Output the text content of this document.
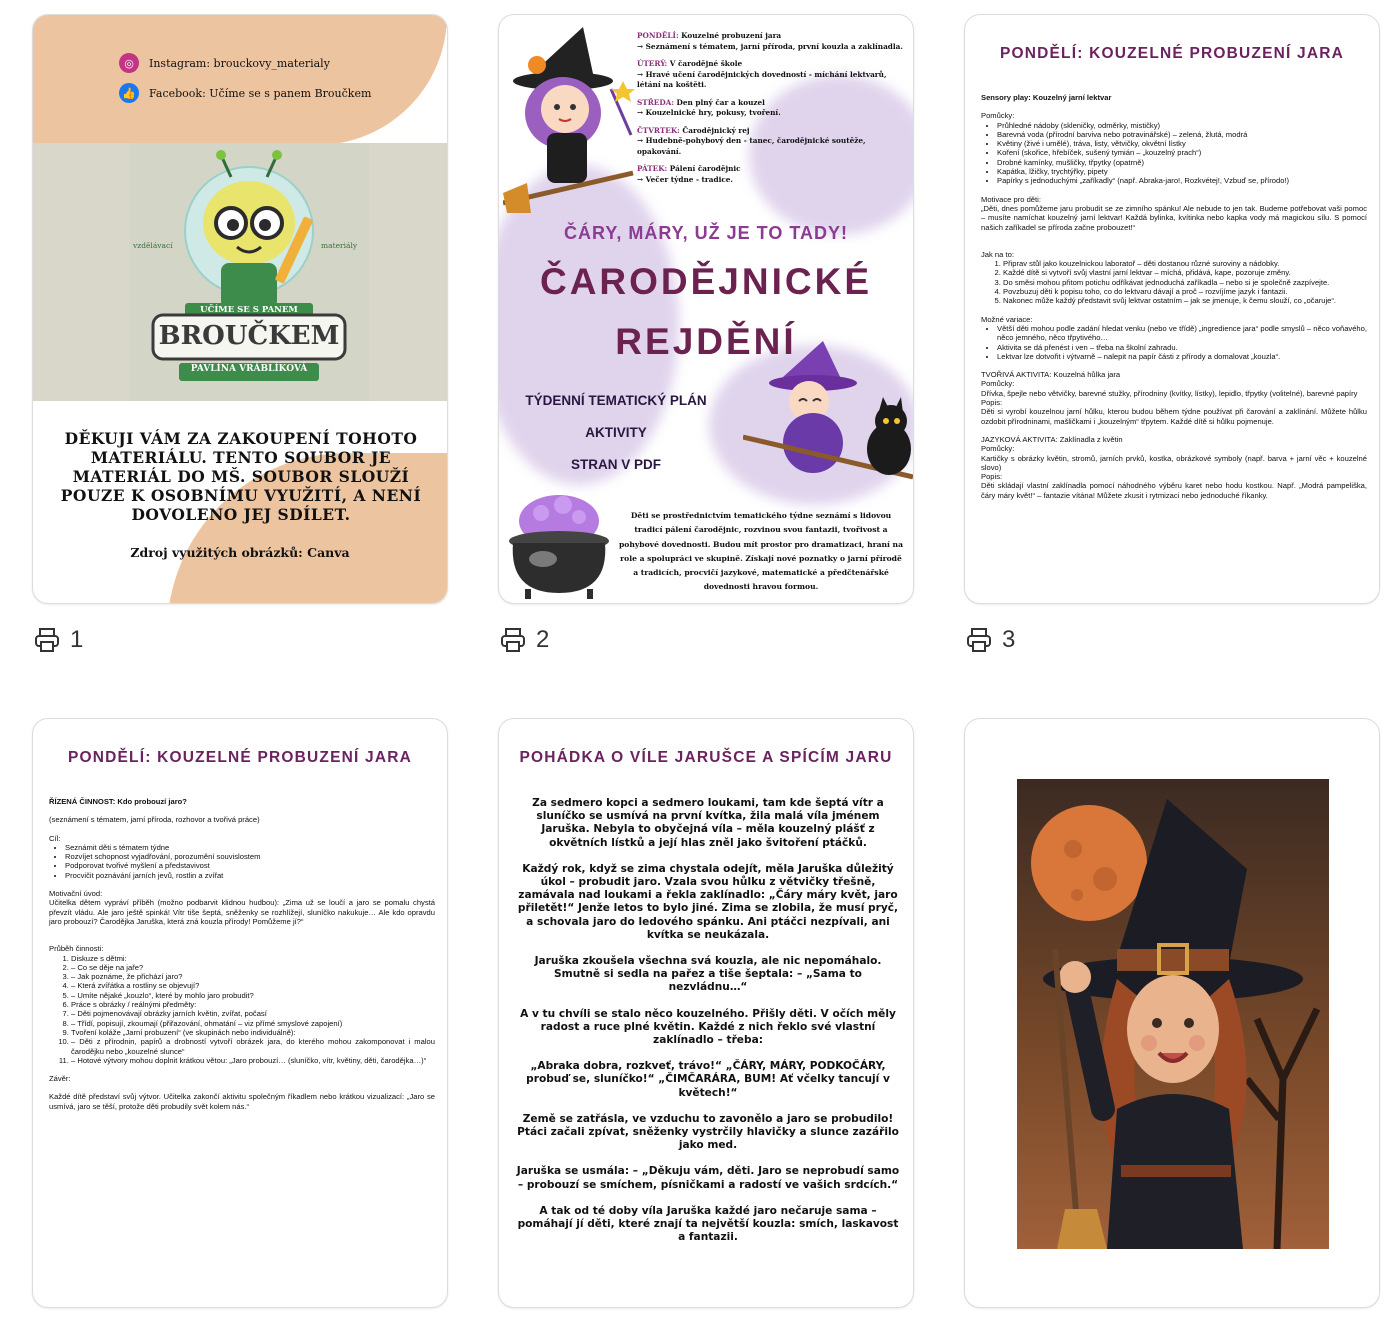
◎	Instagram: brouckovy_materialy
👍 Facebook: Učíme se s panem Broučkem
UČÍME SE S PANEM
BROUČKEM
PAVLÍNA VRÁBLÍKOVÁ
vzdělávací	materiály
DĚKUJI VÁM ZA ZAKOUPENÍ TOHOTO MATERIÁLU. TENTO SOUBOR JE MATERIÁL DO MŠ. SOUBOR SLOUŽÍ POUZE K OSOBNÍMU VYUŽITÍ, A NENÍ DOVOLENO JEJ SDÍLET.
Zdroj využitých obrázků: Canva
PONDĚLÍ: Kouzelné probuzení jara
→ Seznámení s tématem, jarní příroda, první kouzla a zaklínadla.
ÚTERÝ: V čarodějné škole
→ Hravé učení čarodějnických dovedností - míchání lektvarů, létání na koštěti.
STŘEDA: Den plný čar a kouzel
→ Kouzelnické hry, pokusy, tvoření.
ČTVRTEK: Čarodějnický rej
→ Hudebně-pohybový den - tanec, čarodějnické soutěže, opakování.
PÁTEK: Pálení čarodějnic
→ Večer týdne - tradice.
ČÁRY, MÁRY, UŽ JE TO TADY!
ČARODĚJNICKÉ
REJDĚNÍ
TÝDENNÍ TEMATICKÝ PLÁN
AKTIVITY
STRAN V PDF
Děti se prostřednictvím tematického týdne seznámí s lidovou tradicí pálení čarodějnic, rozvinou svou fantazii, tvořivost a pohybové dovednosti. Budou mít prostor pro dramatizaci, hraní na role a spolupráci ve skupině. Získají nové poznatky o jarní přírodě a tradicích, procvičí jazykové, matematické a předčtenářské dovednosti hravou formou.
PONDĚLÍ: KOUZELNÉ PROBUZENÍ JARA

Sensory play: Kouzelný jarní lektvar

Pomůcky:

• Průhledné nádoby (skleničky, odměrky, mističky)
• Barevná voda (přírodní barviva nebo potravinářské) – zelená, žlutá, modrá
• Květiny (živé i umělé), tráva, listy, větvičky, okvětní lístky
• Koření (skořice, hřebíček, sušený tymián – „kouzelný prach“)
• Drobné kamínky, mušličky, třpytky (opatrně)
• Kapátka, lžičky, trychtýřky, pipety
• Papírky s jednoduchými „zaříkadly“ (např. Abraka-jaro!, Rozkvétej!, Vzbuď se, přírodo!)

Motivace pro děti:

„Děti, dnes pomůžeme jaru probudit se ze zimního spánku! Ale nebude to jen tak. Budeme potřebovat vaši pomoc – musíte namíchat kouzelný jarní lektvar! Každá bylinka, kvítinka nebo kapka vody má magickou sílu. S pomocí našich zaříkadel se příroda začne probouzet!“

Jak na to:

1. Připrav stůl jako kouzelnickou laboratoř – děti dostanou různé suroviny a nádobky.
2. Každé dítě si vytvoří svůj vlastní jarní lektvar – míchá, přidává, kape, pozoruje změny.
3. Do směsi mohou přitom potichu odříkávat jednoduchá zaříkadla – nebo si je společně zazpívejte.
4. Povzbuzuj děti k popisu toho, co do lektvaru dávají a proč – rozvíjíme jazyk i fantazii.
5. Nakonec může každý představit svůj lektvar ostatním – jak se jmenuje, k čemu slouží, co „očaruje“.

Možné variace:

• Větší děti mohou podle zadání hledat venku (nebo ve třídě) „ingredience jara“ podle smyslů – něco voňavého, něco jemného, něco třpytivého…
• Aktivita se dá přenést i ven – třeba na školní zahradu.
• Lektvar lze dotvořit i výtvarně – nalepit na papír části z přírody a domalovat „kouzla“.

TVOŘIVÁ AKTIVITA: Kouzelná hůlka jara

Pomůcky:

Dřívka, špejle nebo větvičky, barevné stužky, přírodniny (kvítky, lístky), lepidlo, třpytky (volitelné), barevné papíry

Popis:

Děti si vyrobí kouzelnou jarní hůlku, kterou budou během týdne používat při čarování a zaklínání. Můžete hůlku ozdobit přírodninami, mašličkami i „kouzelným“ třpytem. Každé dítě si hůlku pojmenuje.

JAZYKOVÁ AKTIVITA: Zaklínadla z květin

Pomůcky:

Kartičky s obrázky květin, stromů, jarních prvků, kostka, obrázkové symboly (např. barva + jarní věc + kouzelné slovo)

Popis:

Děti skládají vlastní zaklínadla pomocí náhodného výběru karet nebo hodu kostkou. Např. „Modrá pampeliška, čáry máry květ!“ – fantazie vítána! Můžete zkusit i rytmizaci nebo jednoduché říkanky.

1	2	3
PONDĚLÍ: KOUZELNÉ PROBUZENÍ JARA

ŘÍZENÁ ČINNOST: Kdo probouzí jaro?

(seznámení s tématem, jarní příroda, rozhovor a tvořivá práce)

Cíl:

• Seznámit děti s tématem týdne
• Rozvíjet schopnost vyjadřování, porozumění souvislostem
• Podporovat tvořivé myšlení a představivost
• Procvičit poznávání jarních jevů, rostlin a zvířat

Motivační úvod:

Učitelka dětem vypráví příběh (možno podbarvit klidnou hudbou): „Zima už se loučí a jaro se pomalu chystá převzít vládu. Ale jaro ještě spinká! Vítr tiše šeptá, sněženky se rozhlížejí, sluníčko nakukuje… Ale kdo opravdu jaro probouzí? Čarodějka Jaruška, která zná kouzla přírody! Pomůžeme jí?“

Průběh činnosti:

1. Diskuze s dětmi:
2. – Co se děje na jaře?
3. – Jak poznáme, že přichází jaro?
4. – Která zvířátka a rostliny se objevují?
5. – Umíte nějaké „kouzlo“, které by mohlo jaro probudit?
6. Práce s obrázky / reálnými předměty:
7. – Děti pojmenovávají obrázky jarních květin, zvířat, počasí
8. – Třídí, popisují, zkoumají (přiřazování, ohmatání – viz přímé smyslové zapojení)
9. Tvoření koláže „Jarní probuzení“ (ve skupinách nebo individuálně):
10. – Děti z přírodnin, papírů a drobností vytvoří obrázek jara, do kterého mohou zakomponovat i malou čarodějku nebo „kouzelné slunce“
11. – Hotové výtvory mohou doplnit krátkou větou: „Jaro probouzí… (sluníčko, vítr, květiny, děti, čarodějka…)“

Závěr:

Každé dítě představí svůj výtvor. Učitelka zakončí aktivitu společným říkadlem nebo krátkou vizualizací: „Jaro se usmívá, jaro se těší, protože děti probudily svět kolem nás.“

POHÁDKA O VÍLE JARUŠCE A SPÍCÍM JARU

Za sedmero kopci a sedmero loukami, tam kde šeptá vítr a sluníčko se usmívá na první kvítka, žila malá víla jménem Jaruška. Nebyla to obyčejná víla – měla kouzelný plášť z okvětních lístků a její hlas zněl jako švitoření ptáčků.

Každý rok, když se zima chystala odejít, měla Jaruška důležitý úkol – probudit jaro. Vzala svou hůlku z větvičky třešně, zamávala nad loukami a řekla zaklínadlo: „Čáry máry květ, jaro přiletět!“ Jenže letos to bylo jiné. Zima se zlobila, že musí pryč, a schovala jaro do ledového spánku. Ani ptáčci nezpívali, ani kvítka se neukázala.

Jaruška zkoušela všechna svá kouzla, ale nic nepomáhalo. Smutně si sedla na pařez a tiše šeptala: – „Sama to nezvládnu…“

A v tu chvíli se stalo něco kouzelného. Přišly děti. V očích měly radost a ruce plné květin. Každé z nich řeklo své vlastní zaklínadlo – třeba:

„Abraka dobra, rozkveť, trávo!“ „ČÁRY, MÁRY, PODKOČÁRY, probuď se, sluníčko!“ „ČIMČARÁRA, BUM! Ať včelky tancují v květech!“

Země se zatřásla, ve vzduchu to zavonělo a jaro se probudilo! Ptáci začali zpívat, sněženky vystrčily hlavičky a slunce zazářilo jako med.

Jaruška se usmála: – „Děkuju vám, děti. Jaro se neprobudí samo – probouzí se smíchem, písničkami a radostí ve vašich srdcích.“

A tak od té doby víla Jaruška každé jaro nečaruje sama – pomáhají jí děti, které znají ta největší kouzla: smích, laskavost a fantazii.
